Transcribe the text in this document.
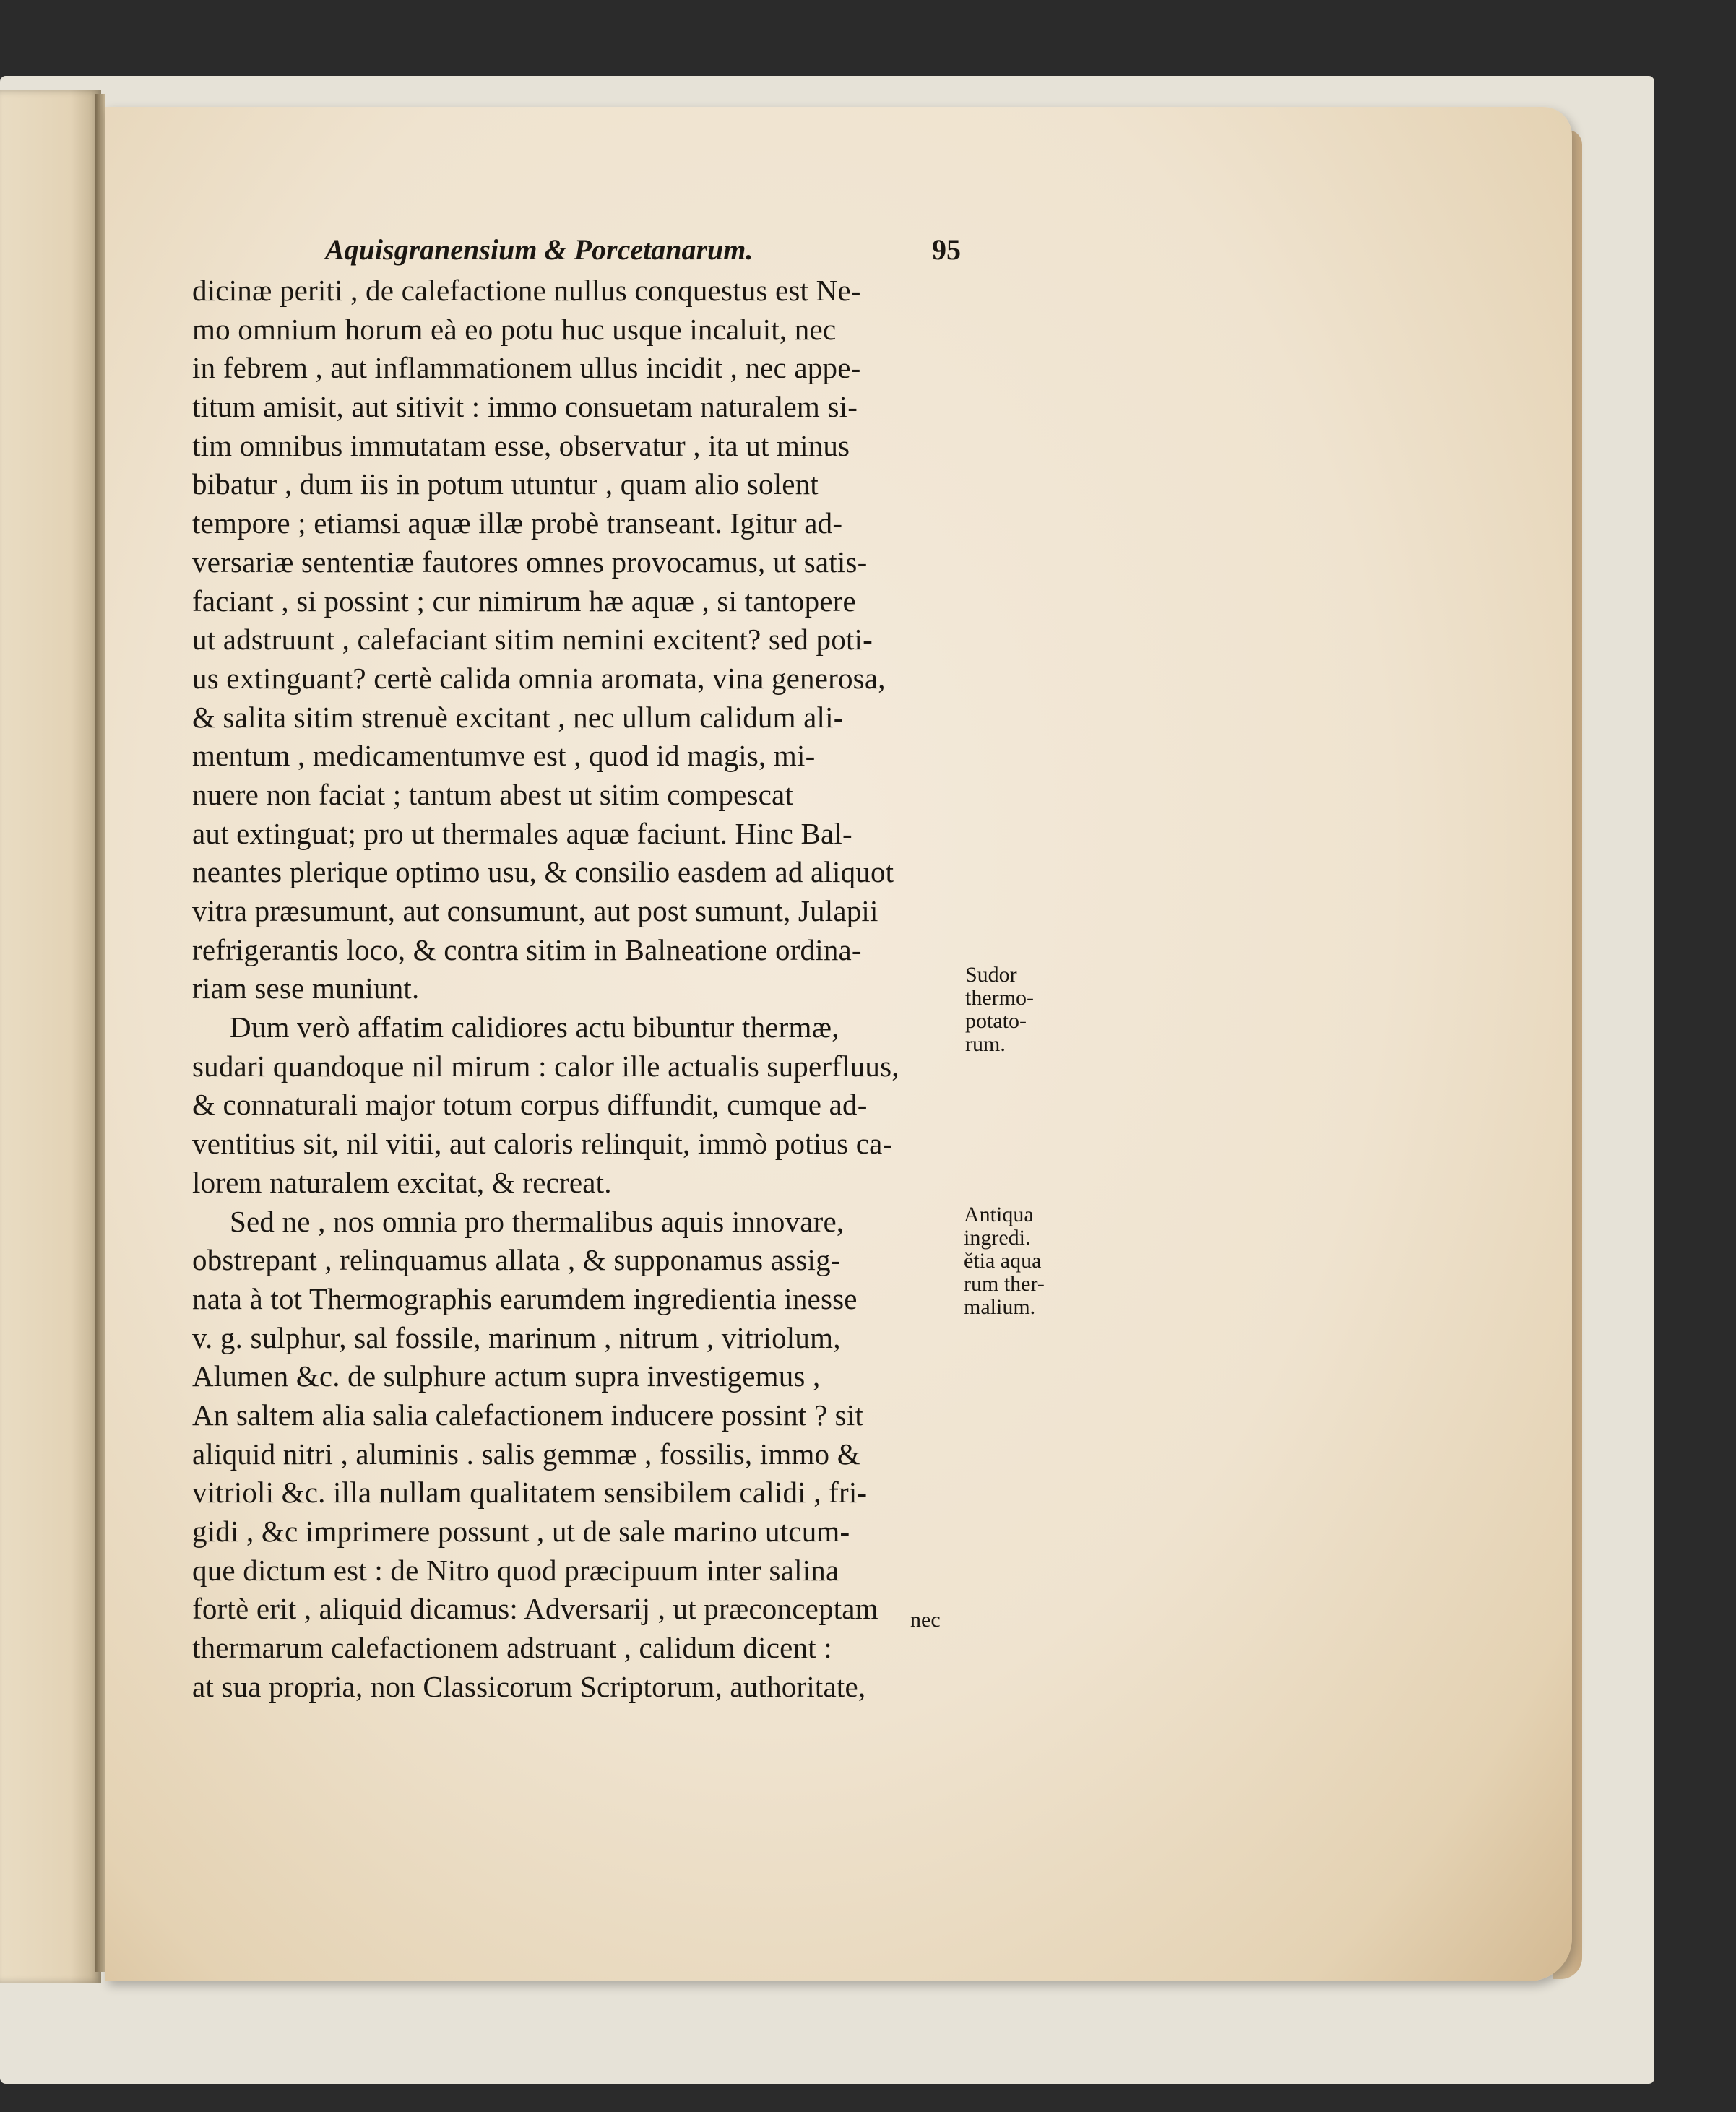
Aquisgranensium & Porcetanarum.	95
dicinæ periti , de calefactione nullus conquestus est Ne-
mo omnium horum eà eo potu huc usque incaluit, nec
in febrem , aut inflammationem ullus incidit , nec appe-
titum amisit, aut sitivit : immo consuetam naturalem si-
tim omnibus immutatam esse, observatur , ita ut minus
bibatur , dum iis in potum utuntur , quam alio solent
tempore ; etiamsi aquæ illæ probè transeant. Igitur ad-
versariæ sententiæ fautores omnes provocamus, ut satis-
faciant , si possint ; cur nimirum hæ aquæ , si tantopere
ut adstruunt , calefaciant sitim nemini excitent? sed poti-
us extinguant? certè calida omnia aromata, vina generosa,
& salita sitim strenuè excitant , nec ullum calidum ali-
mentum , medicamentumve est , quod id magis, mi-
nuere non faciat ; tantum abest ut sitim compescat
aut extinguat; pro ut thermales aquæ faciunt. Hinc Bal-
neantes plerique optimo usu, & consilio easdem ad aliquot
vitra præsumunt, aut consumunt, aut post sumunt, Julapii
refrigerantis loco, & contra sitim in Balneatione ordina-
riam sese muniunt.
Dum verò affatim calidiores actu bibuntur thermæ,
sudari quandoque nil mirum : calor ille actualis superfluus,
& connaturali major totum corpus diffundit, cumque ad-
ventitius sit, nil vitii, aut caloris relinquit, immò potius ca-
lorem naturalem excitat, & recreat.
Sed ne , nos omnia pro thermalibus aquis innovare,
obstrepant , relinquamus allata , & supponamus assig-
nata à tot Thermographis earumdem ingredientia inesse
v. g. sulphur, sal fossile, marinum , nitrum , vitriolum,
Alumen &c. de sulphure actum supra investigemus ,
An saltem alia salia calefactionem inducere possint ? sit
aliquid nitri , aluminis . salis gemmæ , fossilis, immo &
vitrioli &c. illa nullam qualitatem sensibilem calidi , fri-
gidi , &c imprimere possunt , ut de sale marino utcum-
que dictum est : de Nitro quod præcipuum inter salina
fortè erit , aliquid dicamus: Adversarij , ut præconceptam
thermarum calefactionem adstruant , calidum dicent :
at sua propria, non Classicorum Scriptorum, authoritate,
Sudor
thermo-
potato-
rum.
Antiqua
ingredi.
ětia aqua
rum ther-
malium.
nec
